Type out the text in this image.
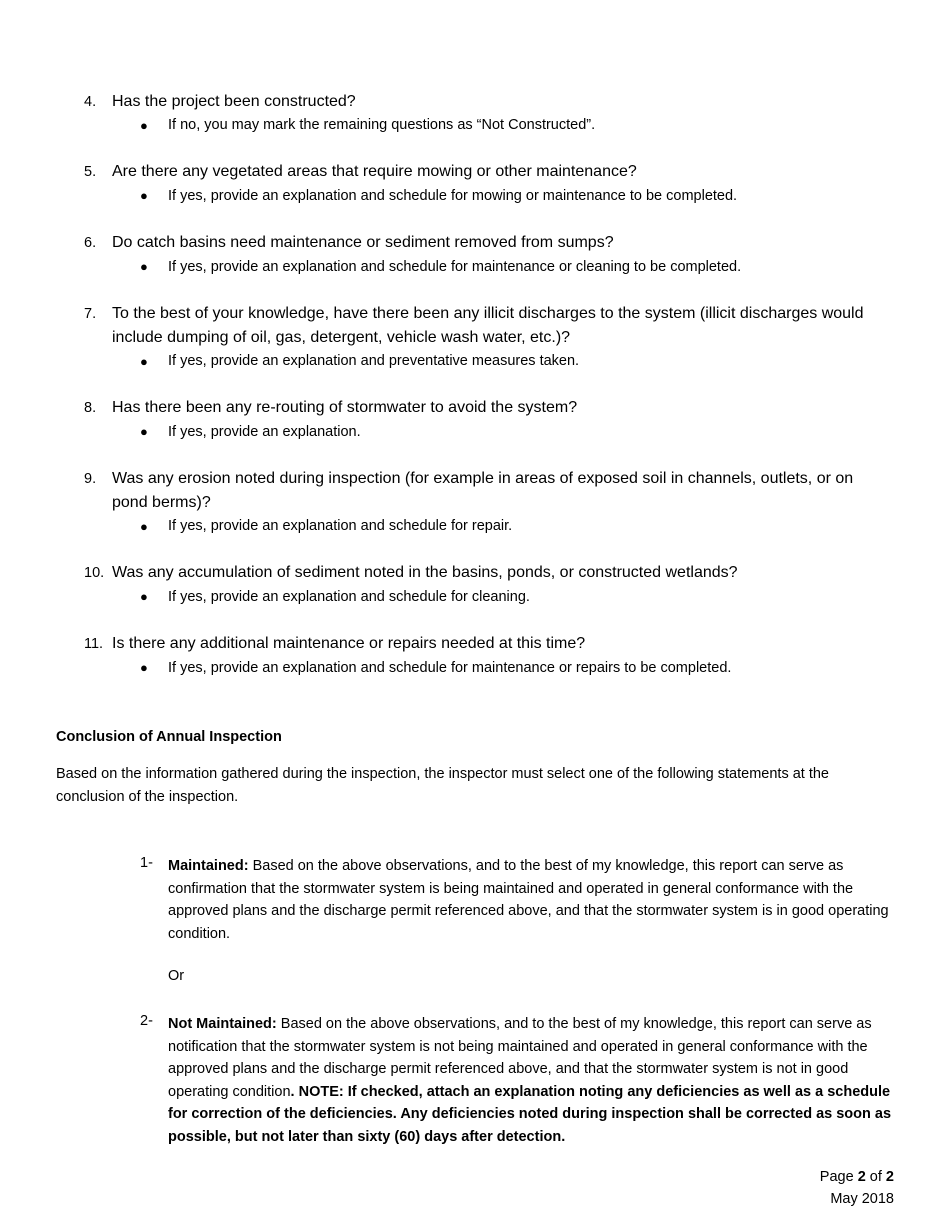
4. Has the project been constructed?
● If no, you may mark the remaining questions as “Not Constructed”.
5. Are there any vegetated areas that require mowing or other maintenance?
● If yes, provide an explanation and schedule for mowing or maintenance to be completed.
6. Do catch basins need maintenance or sediment removed from sumps?
● If yes, provide an explanation and schedule for maintenance or cleaning to be completed.
7. To the best of your knowledge, have there been any illicit discharges to the system (illicit discharges would include dumping of oil, gas, detergent, vehicle wash water, etc.)?
● If yes, provide an explanation and preventative measures taken.
8. Has there been any re-routing of stormwater to avoid the system?
● If yes, provide an explanation.
9. Was any erosion noted during inspection (for example in areas of exposed soil in channels, outlets, or on pond berms)?
● If yes, provide an explanation and schedule for repair.
10. Was any accumulation of sediment noted in the basins, ponds, or constructed wetlands?
● If yes, provide an explanation and schedule for cleaning.
11. Is there any additional maintenance or repairs needed at this time?
● If yes, provide an explanation and schedule for maintenance or repairs to be completed.
Conclusion of Annual Inspection
Based on the information gathered during the inspection, the inspector must select one of the following statements at the conclusion of the inspection.
1- Maintained: Based on the above observations, and to the best of my knowledge, this report can serve as confirmation that the stormwater system is being maintained and operated in general conformance with the approved plans and the discharge permit referenced above, and that the stormwater system is in good operating condition.
Or
2- Not Maintained: Based on the above observations, and to the best of my knowledge, this report can serve as notification that the stormwater system is not being maintained and operated in general conformance with the approved plans and the discharge permit referenced above, and that the stormwater system is not in good operating condition. NOTE: If checked, attach an explanation noting any deficiencies as well as a schedule for correction of the deficiencies. Any deficiencies noted during inspection shall be corrected as soon as possible, but not later than sixty (60) days after detection.
Page 2 of 2
May 2018
